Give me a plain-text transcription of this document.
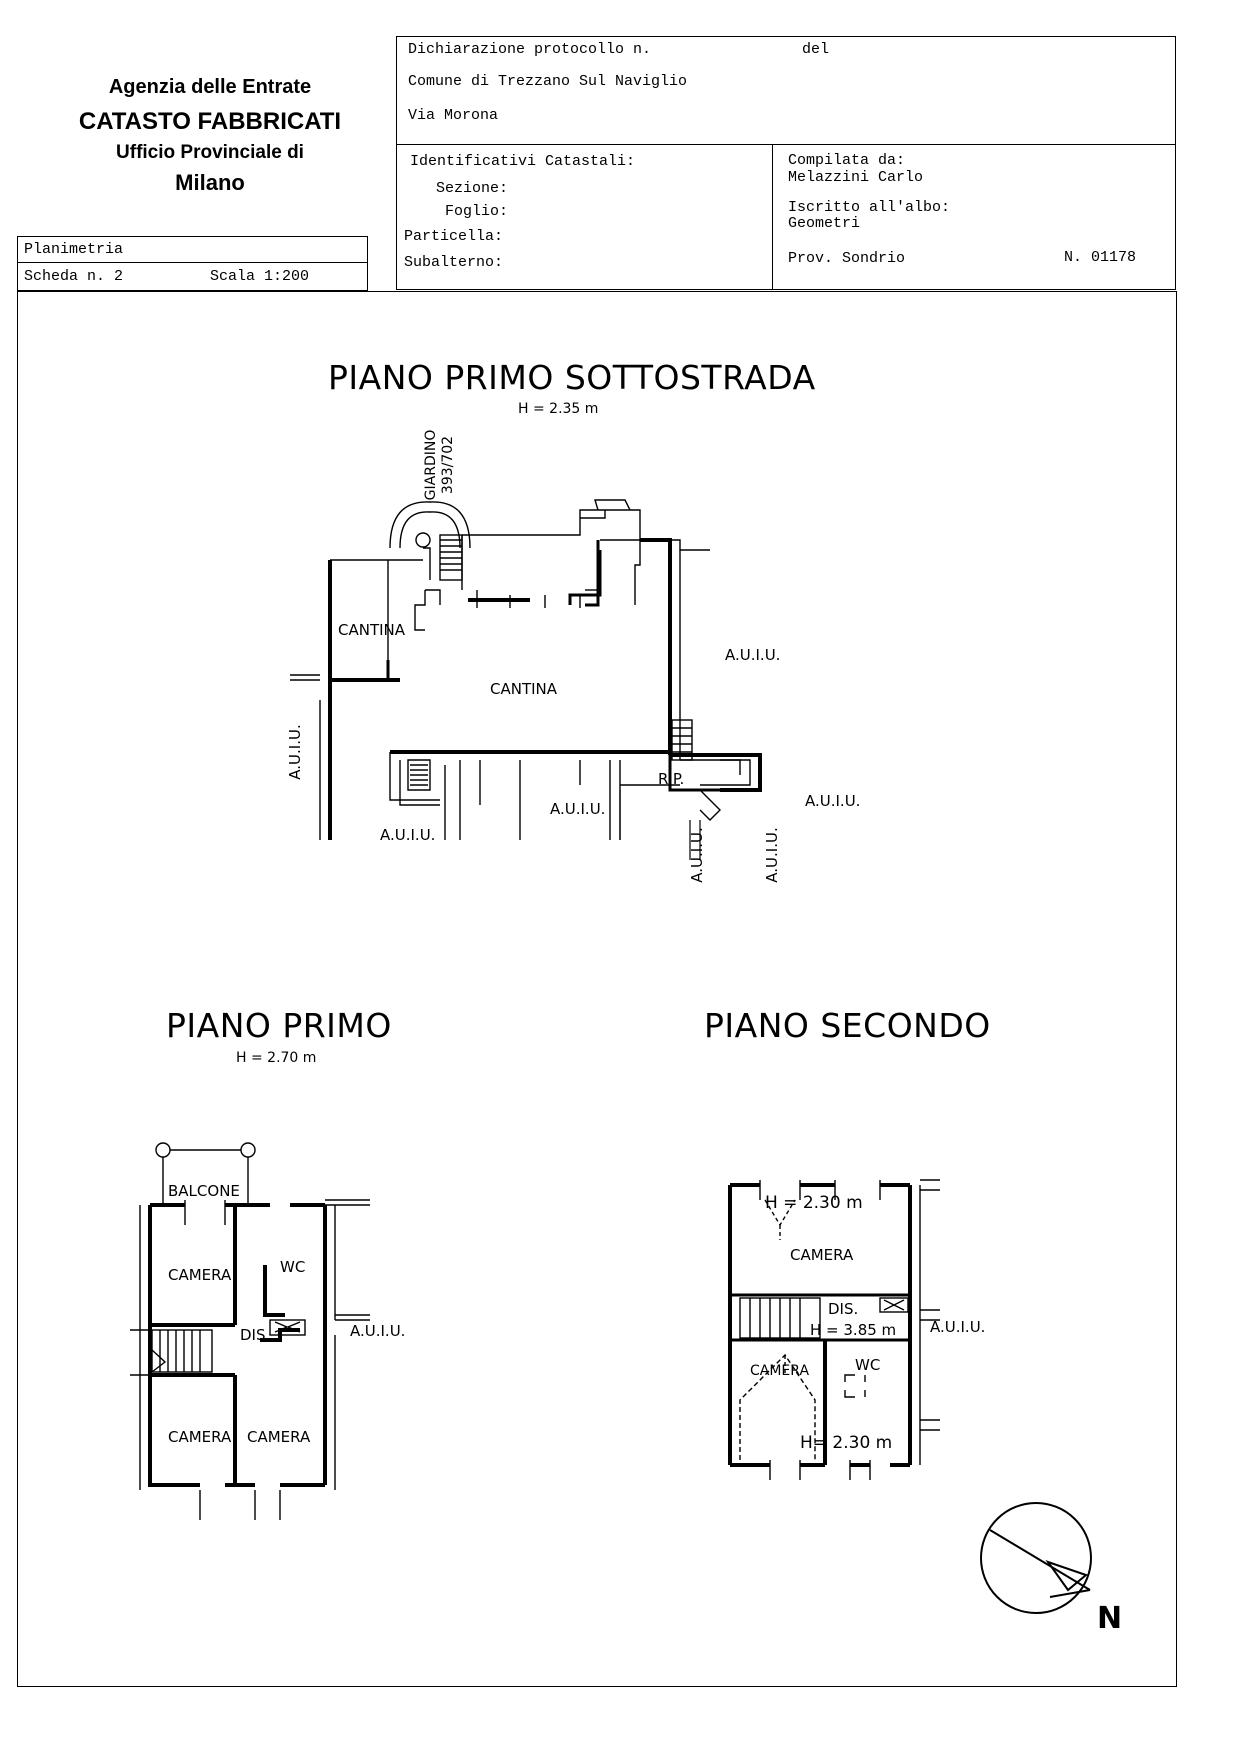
Agenzia delle Entrate
CATASTO FABBRICATI
Ufficio Provinciale di
Milano
Planimetria
Scheda n. 2	Scala 1:200
Dichiarazione protocollo n.	del
Comune di Trezzano Sul Naviglio
Via Morona
Identificativi Catastali:
Sezione:
Foglio:
Particella:
Subalterno:
Compilata da:
Melazzini Carlo
Iscritto all'albo:
Geometri
Prov. Sondrio	N. 01178
PIANO PRIMO SOTTOSTRADA
H = 2.35 m
PIANO PRIMO
H = 2.70 m
PIANO SECONDO
GIARDINO 393/702
CANTINA
CANTINA
RIP.
A.U.I.U.
A.U.I.U.
A.U.I.U.
A.U.I.U.
A.U.I.U.
A.U.I.U.	A.U.I.U.
BALCONE
CAMERA	WC
DIS.	A.U.I.U.
CAMERA CAMERA
H = 2.30 m
CAMERA
DIS.
H = 3.85 m A.U.I.U.
CAMERA	WC
H= 2.30 m
N
